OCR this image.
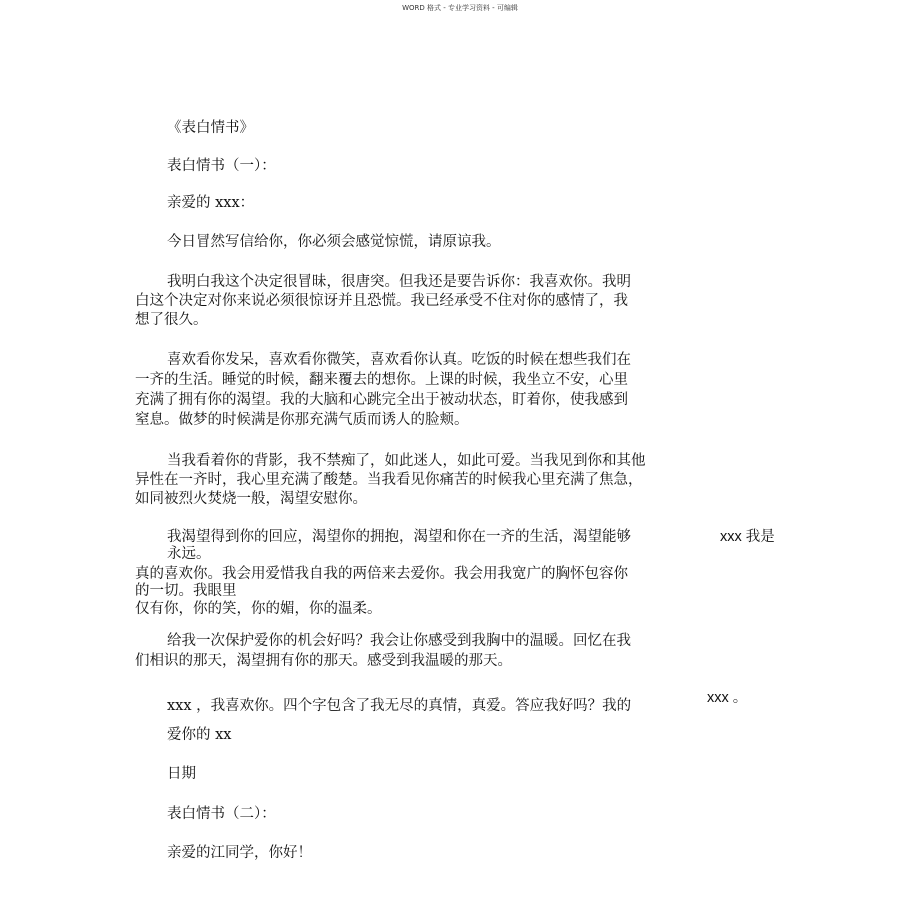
WORD 格式 - 专业学习资料 - 可编辑
《表白情书》
表白情书（一）：
亲爱的 xxx：
今日冒然写信给你，你必须会感觉惊慌，请原谅我。
我明白我这个决定很冒昧，很唐突。但我还是要告诉你：我喜欢你。我明
白这个决定对你来说必须很惊讶并且恐慌。我已经承受不住对你的感情了，我
想了很久。
喜欢看你发呆，喜欢看你微笑，喜欢看你认真。吃饭的时候在想些我们在
一齐的生活。睡觉的时候，翻来覆去的想你。上课的时候，我坐立不安，心里
充满了拥有你的渴望。我的大脑和心跳完全出于被动状态，盯着你，使我感到
窒息。做梦的时候满是你那充满气质而诱人的脸颊。
当我看着你的背影，我不禁痴了，如此迷人，如此可爱。当我见到你和其他
异性在一齐时，我心里充满了酸楚。当我看见你痛苦的时候我心里充满了焦急，
如同被烈火焚烧一般，渴望安慰你。
我渴望得到你的回应，渴望你的拥抱，渴望和你在一齐的生活，渴望能够	xxx 我是
永远。
真的喜欢你。我会用爱惜我自我的两倍来去爱你。我会用我宽广的胸怀包容你
的一切。我眼里
仅有你，你的笑，你的媚，你的温柔。
给我一次保护爱你的机会好吗？我会让你感受到我胸中的温暖。回忆在我
们相识的那天，渴望拥有你的那天。感受到我温暖的那天。
xxx ，我喜欢你。四个字包含了我无尽的真情，真爱。答应我好吗？我的	xxx 。
爱你的 xx
日期
表白情书（二）：
亲爱的江同学，你好！
